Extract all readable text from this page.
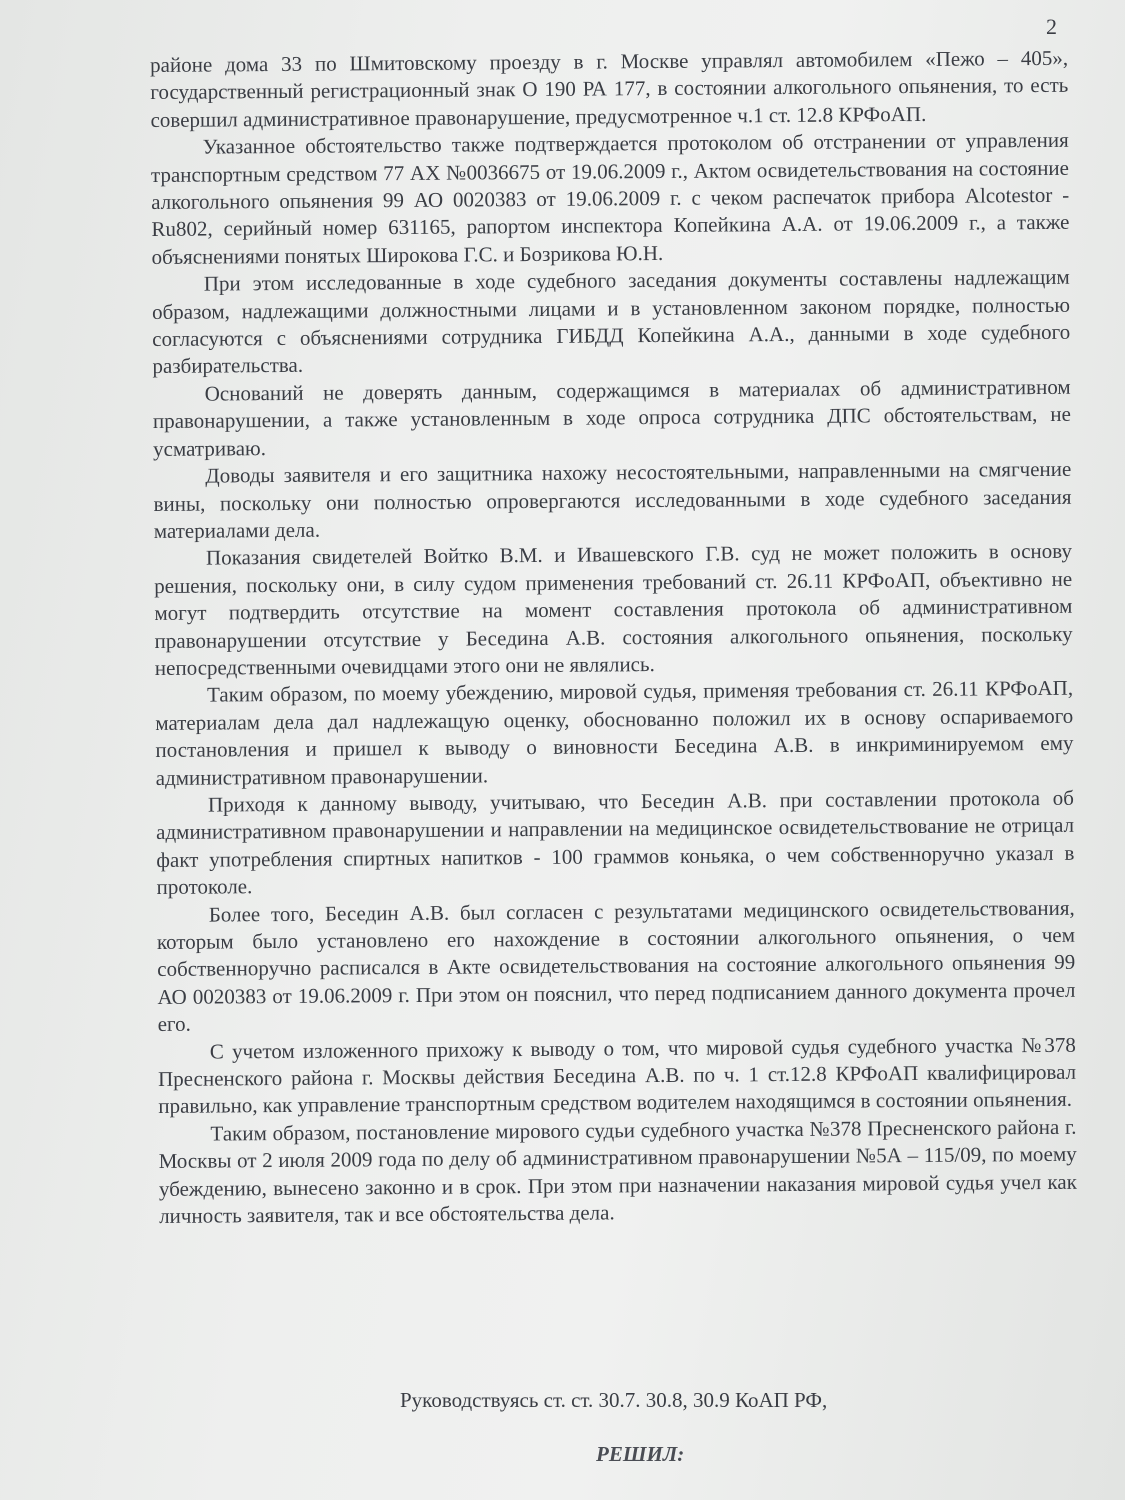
2

районе дома 33 по Шмитовскому проезду в г. Москве управлял автомобилем «Пежо – 405», государственный регистрационный знак О 190 РА 177, в состоянии алкогольного опьянения, то есть совершил административное правонарушение, предусмотренное ч.1 ст. 12.8 КРФоАП.

Указанное обстоятельство также подтверждается протоколом об отстранении от управления транспортным средством 77 АХ №0036675 от 19.06.2009 г., Актом освидетельствования на состояние алкогольного опьянения 99 АО 0020383 от 19.06.2009 г. с чеком распечаток прибора Alcotestor - Ru802, серийный номер 631165, рапортом инспектора Копейкина А.А. от 19.06.2009 г., а также объяснениями понятых Широкова Г.С. и Бозрикова Ю.Н.

При этом исследованные в ходе судебного заседания документы составлены надлежащим образом, надлежащими должностными лицами и в установленном законом порядке, полностью согласуются с объяснениями сотрудника ГИБДД Копейкина А.А., данными в ходе судебного разбирательства.

Оснований не доверять данным, содержащимся в материалах об административном правонарушении, а также установленным в ходе опроса сотрудника ДПС обстоятельствам, не усматриваю.

Доводы заявителя и его защитника нахожу несостоятельными, направленными на смягчение вины, поскольку они полностью опровергаются исследованными в ходе судебного заседания материалами дела.

Показания свидетелей Войтко В.М. и Ивашевского Г.В. суд не может положить в основу решения, поскольку они, в силу судом применения требований ст. 26.11 КРФоАП, объективно не могут подтвердить отсутствие на момент составления протокола об административном правонарушении отсутствие у Беседина А.В. состояния алкогольного опьянения, поскольку непосредственными очевидцами этого они не являлись.

Таким образом, по моему убеждению, мировой судья, применяя требования ст. 26.11 КРФоАП, материалам дела дал надлежащую оценку, обоснованно положил их в основу оспариваемого постановления и пришел к выводу о виновности Беседина А.В. в инкриминируемом ему административном правонарушении.

Приходя к данному выводу, учитываю, что Беседин А.В. при составлении протокола об административном правонарушении и направлении на медицинское освидетельствование не отрицал факт употребления спиртных напитков - 100 граммов коньяка, о чем собственноручно указал в протоколе.

Более того, Беседин А.В. был согласен с результатами медицинского освидетельствования, которым было установлено его нахождение в состоянии алкогольного опьянения, о чем собственноручно расписался в Акте освидетельствования на состояние алкогольного опьянения 99 АО 0020383 от 19.06.2009 г. При этом он пояснил, что перед подписанием данного документа прочел его.

С учетом изложенного прихожу к выводу о том, что мировой судья судебного участка №378 Пресненского района г. Москвы действия Беседина А.В. по ч. 1 ст.12.8 КРФоАП квалифицировал правильно, как управление транспортным средством водителем находящимся в состоянии опьянения.

Таким образом, постановление мирового судьи судебного участка №378 Пресненского района г. Москвы от 2 июля 2009 года по делу об административном правонарушении №5А – 115/09, по моему убеждению, вынесено законно и в срок. При этом при назначении наказания мировой судья учел как личность заявителя, так и все обстоятельства дела.

Руководствуясь ст. ст. 30.7. 30.8, 30.9 КоАП РФ,
РЕШИЛ:
